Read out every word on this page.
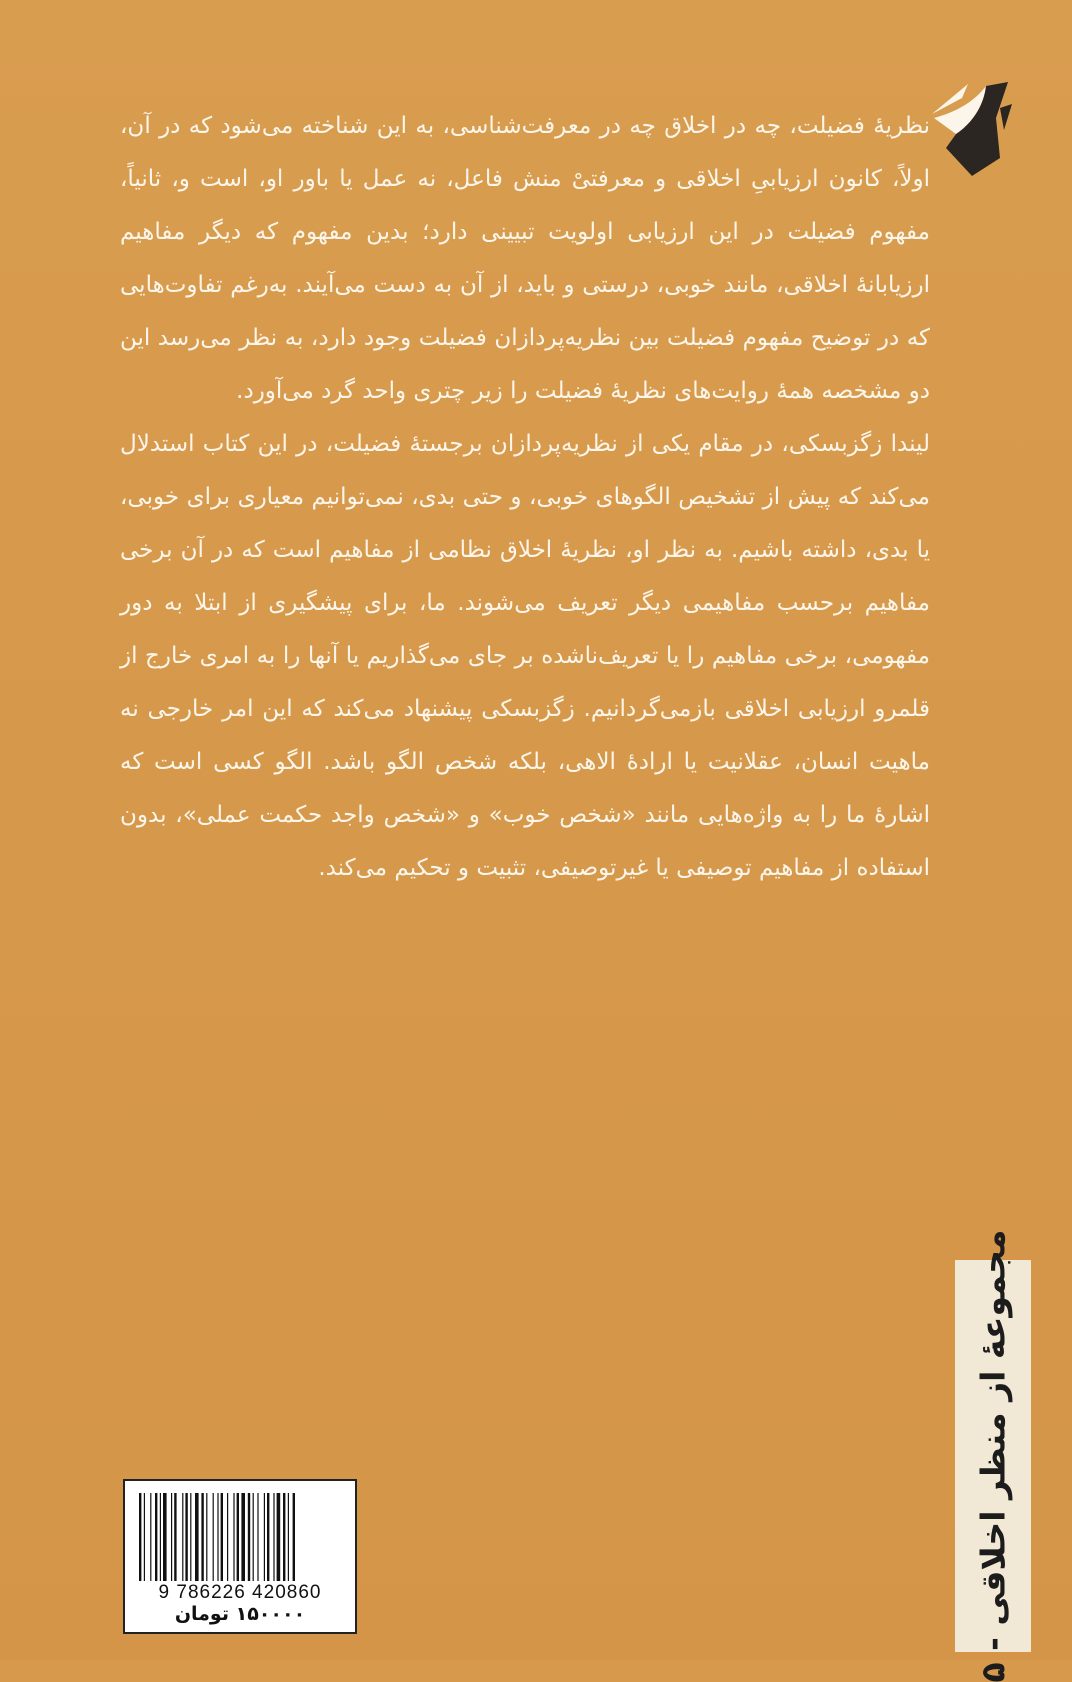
نظریهٔ فضیلت، چه در اخلاق چه در معرفت‌شناسی، به این شناخته می‌شود که در آن، اولاً، کانون ارزیابیِ اخلاقی و معرفتیْ منش فاعل، نه عمل یا باور او، است و، ثانیاً، مفهوم فضیلت در این ارزیابی اولویت تبیینی دارد؛ بدین مفهوم که دیگر مفاهیم ارزیابانهٔ اخلاقی، مانند خوبی، درستی و باید، از آن به دست می‌آیند. به‌رغم تفاوت‌هایی که در توضیح مفهوم فضیلت بین نظریه‌پردازان فضیلت وجود دارد، به نظر می‌رسد این دو مشخصه همهٔ روایت‌های نظریهٔ فضیلت را زیر چتری واحد گرد می‌آورد.

لیندا زگزبسکی، در مقام یکی از نظریه‌پردازان برجستهٔ فضیلت، در این کتاب استدلال می‌کند که پیش از تشخیص الگوهای خوبی، و حتی بدی، نمی‌توانیم معیاری برای خوبی، یا بدی، داشته باشیم. به نظر او، نظریهٔ اخلاق نظامی از مفاهیم است که در آن برخی مفاهیم برحسب مفاهیمی دیگر تعریف می‌شوند. ما، برای پیشگیری از ابتلا به دور مفهومی، برخی مفاهیم را یا تعریف‌ناشده بر جای می‌گذاریم یا آنها را به امری خارج از قلمرو ارزیابی اخلاقی بازمی‌گردانیم. زگزبسکی پیشنهاد می‌کند که این امر خارجی نه ماهیت انسان، عقلانیت یا ارادهٔ الاهی، بلکه شخص الگو باشد. الگو کسی است که اشارهٔ ما را به واژه‌هایی مانند «شخص خوب» و «شخص واجد حکمت عملی»، بدون استفاده از مفاهیم توصیفی یا غیرتوصیفی، تثبیت و تحکیم می‌کند.

مجموعهٔ از منظر اخلاقی - ۵
9 786226 420860
۱۵۰۰۰۰ تومان
